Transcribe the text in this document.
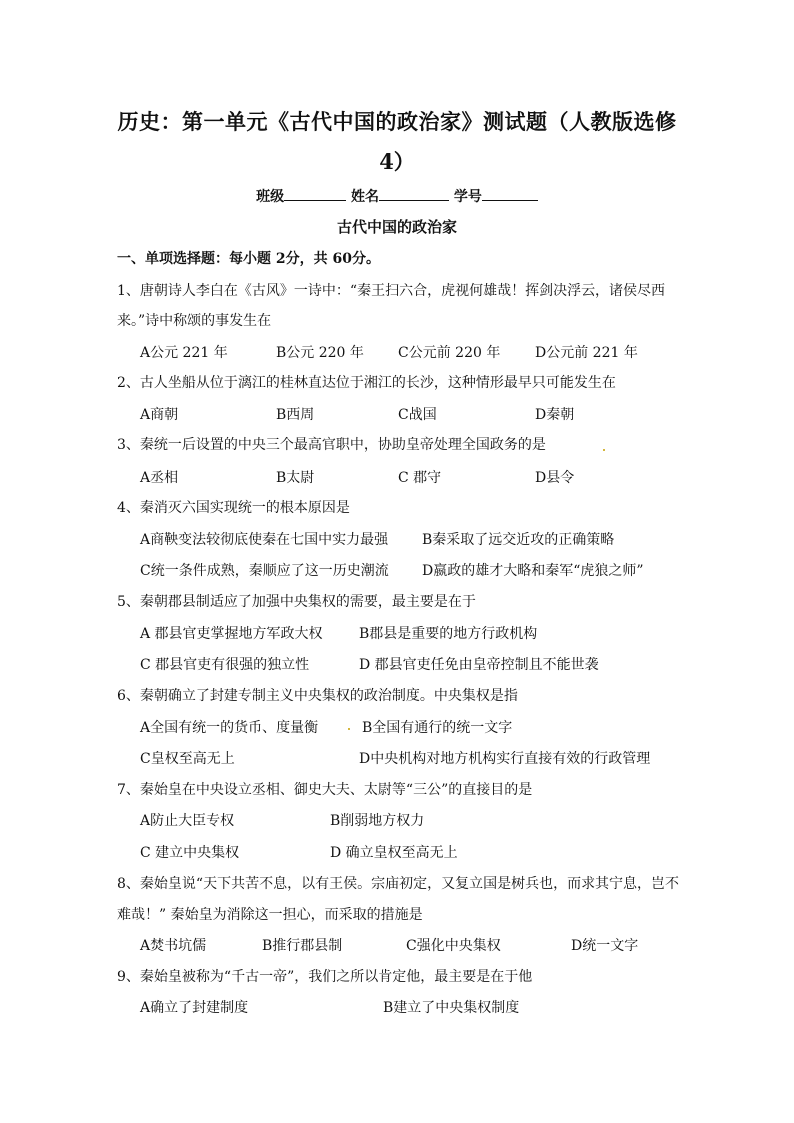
历史：第一单元《古代中国的政治家》测试题（人教版选修
4）
班级	姓名	学号
古代中国的政治家
一、单项选择题：每小题 2分，共 60分。
1、唐朝诗人李白在《古风》一诗中：“秦王扫六合，虎视何雄哉！挥剑决浮云，诸侯尽西
来。”诗中称颂的事发生在
A公元 221 年	B公元 220 年 C公元前 220 年 D公元前 221 年
2、古人坐船从位于漓江的桂林直达位于湘江的长沙，这种情形最早只可能发生在
A商朝	B西周	C战国	D秦朝
3、秦统一后设置的中央三个最高官职中，协助皇帝处理全国政务的是
A丞相	B太尉	C 郡守	D县令
4、秦消灭六国实现统一的根本原因是
A商鞅变法较彻底使秦在七国中实力最强 B秦采取了远交近攻的正确策略
C统一条件成熟，秦顺应了这一历史潮流 D嬴政的雄才大略和秦军“虎狼之师”
5、秦朝郡县制适应了加强中央集权的需要，最主要是在于
A 郡县官吏掌握地方军政大权	B郡县是重要的地方行政机构
C 郡县官吏有很强的独立性	D 郡县官吏任免由皇帝控制且不能世袭
6、秦朝确立了封建专制主义中央集权的政治制度。中央集权是指
A全国有统一的货币、度量衡	B全国有通行的统一文字
C皇权至高无上	D中央机构对地方机构实行直接有效的行政管理
7、秦始皇在中央设立丞相、御史大夫、太尉等“三公”的直接目的是
A防止大臣专权	B削弱地方权力
C 建立中央集权	D 确立皇权至高无上
8、秦始皇说“天下共苦不息，以有王侯。宗庙初定，又复立国是树兵也，而求其宁息，岂不
难哉！” 秦始皇为消除这一担心，而采取的措施是
A焚书坑儒	B推行郡县制	C强化中央集权	D统一文字
9、秦始皇被称为“千古一帝”，我们之所以肯定他，最主要是在于他
A确立了封建制度	B建立了中央集权制度
